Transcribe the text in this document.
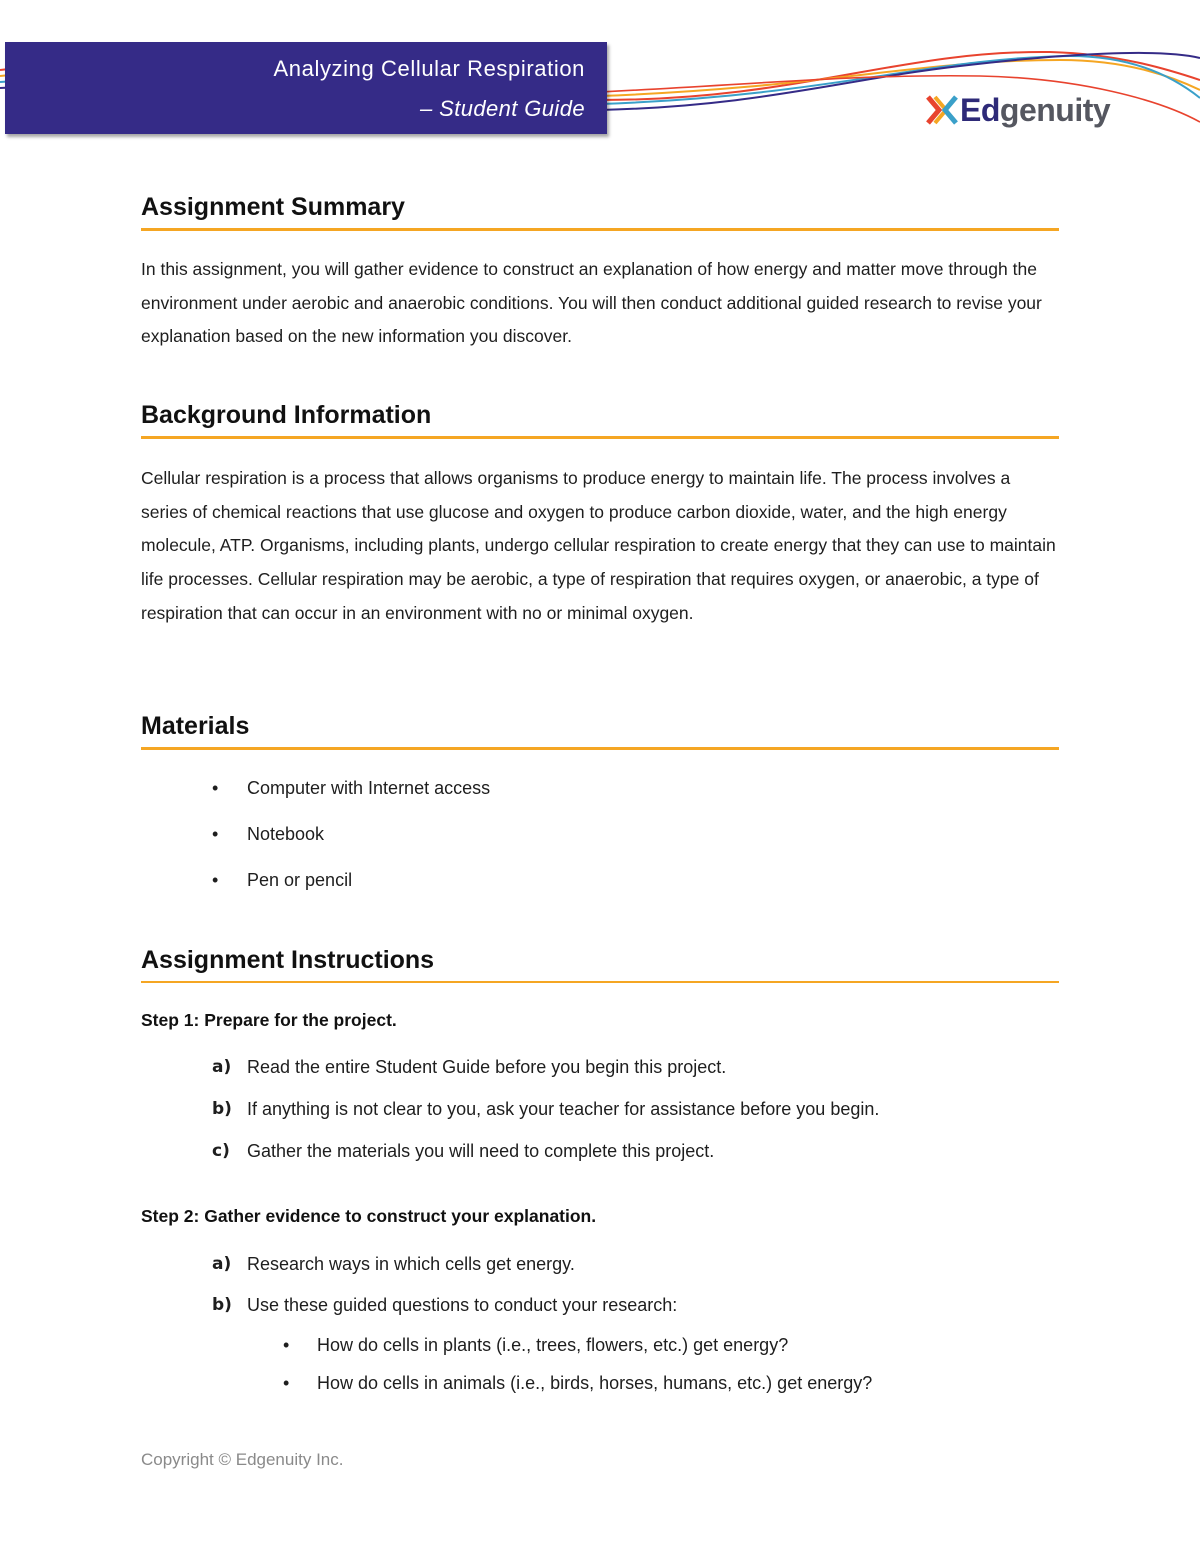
Analyzing Cellular Respiration
– Student Guide	Edgenuity
Assignment Summary
In this assignment, you will gather evidence to construct an explanation of how energy and matter move through the environment under aerobic and anaerobic conditions. You will then conduct additional guided research to revise your explanation based on the new information you discover.
Background Information
Cellular respiration is a process that allows organisms to produce energy to maintain life. The process involves a series of chemical reactions that use glucose and oxygen to produce carbon dioxide, water, and the high energy molecule, ATP. Organisms, including plants, undergo cellular respiration to create energy that they can use to maintain life processes. Cellular respiration may be aerobic, a type of respiration that requires oxygen, or anaerobic, a type of respiration that can occur in an environment with no or minimal oxygen.
Materials
•	Computer with Internet access
•	Notebook
•	Pen or pencil
Assignment Instructions
Step 1: Prepare for the project.
a) Read the entire Student Guide before you begin this project.
b) If anything is not clear to you, ask your teacher for assistance before you begin.
c) Gather the materials you will need to complete this project.
Step 2: Gather evidence to construct your explanation.
a) Research ways in which cells get energy.
b) Use these guided questions to conduct your research:
•	How do cells in plants (i.e., trees, flowers, etc.) get energy?
•	How do cells in animals (i.e., birds, horses, humans, etc.) get energy?
Copyright © Edgenuity Inc.
